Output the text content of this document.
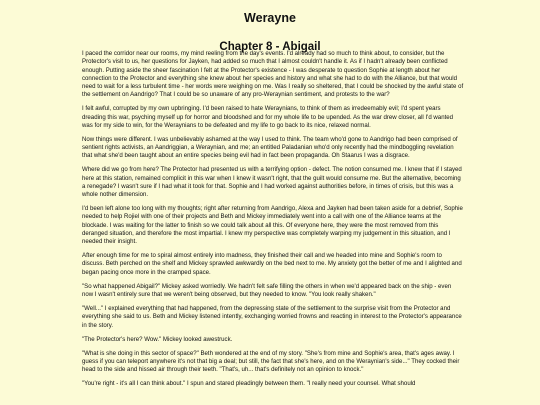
Werayne
Chapter 8 - Abigail

I paced the corridor near our rooms, my mind reeling from the day's events. I'd already had so much to think about, to consider, but the Protector's visit to us, her questions for Jayken, had added so much that I almost couldn't handle it. As if I hadn't already been conflicted enough. Putting aside the sheer fascination I felt at the Protector's existence - I was desperate to question Sophie at length about her connection to the Protector and everything she knew about her species and history and what she had to do with the Alliance, but that would need to wait for a less turbulent time - her words were weighing on me. Was I really so sheltered, that I could be shocked by the awful state of the settlement on Aandrigo? That I could be so unaware of any pro-Weraynian sentiment, and protests to the war?

I felt awful, corrupted by my own upbringing. I'd been raised to hate Weraynians, to think of them as irredeemably evil; I'd spent years dreading this war, psyching myself up for horror and bloodshed and for my whole life to be upended. As the war drew closer, all I'd wanted was for my side to win, for the Weraynians to be defeated and my life to go back to its nice, relaxed normal.

Now things were different. I was unbelievably ashamed at the way I used to think. The team who'd gone to Aandrigo had been comprised of sentient rights activists, an Aandriggian, a Weraynian, and me; an entitled Paladanian who'd only recently had the mindboggling revelation that what she'd been taught about an entire species being evil had in fact been propaganda. Oh Staarus I was a disgrace.

Where did we go from here? The Protector had presented us with a terrifying option - defect. The notion consumed me. I knew that if I stayed here at this station, remained complicit in this war when I knew it wasn't right, that the guilt would consume me. But the alternative, becoming a renegade? I wasn't sure if I had what it took for that. Sophie and I had worked against authorities before, in times of crisis, but this was a whole nother dimension.

I'd been left alone too long with my thoughts; right after returning from Aandrigo, Alexa and Jayken had been taken aside for a debrief, Sophie needed to help Rojiel with one of their projects and Beth and Mickey immediately went into a call with one of the Alliance teams at the blockade. I was waiting for the latter to finish so we could talk about all this. Of everyone here, they were the most removed from this deranged situation, and therefore the most impartial. I knew my perspective was completely warping my judgement in this situation, and I needed their insight.

After enough time for me to spiral almost entirely into madness, they finished their call and we headed into mine and Sophie's room to discuss. Beth perched on the shelf and Mickey sprawled awkwardly on the bed next to me. My anxiety got the better of me and I alighted and began pacing once more in the cramped space.

"So what happened Abigail?" Mickey asked worriedly. We hadn't felt safe filling the others in when we'd appeared back on the ship - even now I wasn't entirely sure that we weren't being observed, but they needed to know. "You look really shaken."

"Well..." I explained everything that had happened, from the depressing state of the settlement to the surprise visit from the Protector and everything she said to us. Beth and Mickey listened intently, exchanging worried frowns and reacting in interest to the Protector's appearance in the story.

"The Protector's here? Wow." Mickey looked awestruck.

"What is she doing in this sector of space?" Beth wondered at the end of my story. "She's from mine and Sophie's area, that's ages away. I guess if you can teleport anywhere it's not that big a deal; but still, the fact that she's here, and on the Weraynian's side..." They cocked their head to the side and hissed air through their teeth. "That's, uh... that's definitely not an opinion to knock."

"You're right - it's all I can think about." I spun and stared pleadingly between them. "I really need your counsel. What should
